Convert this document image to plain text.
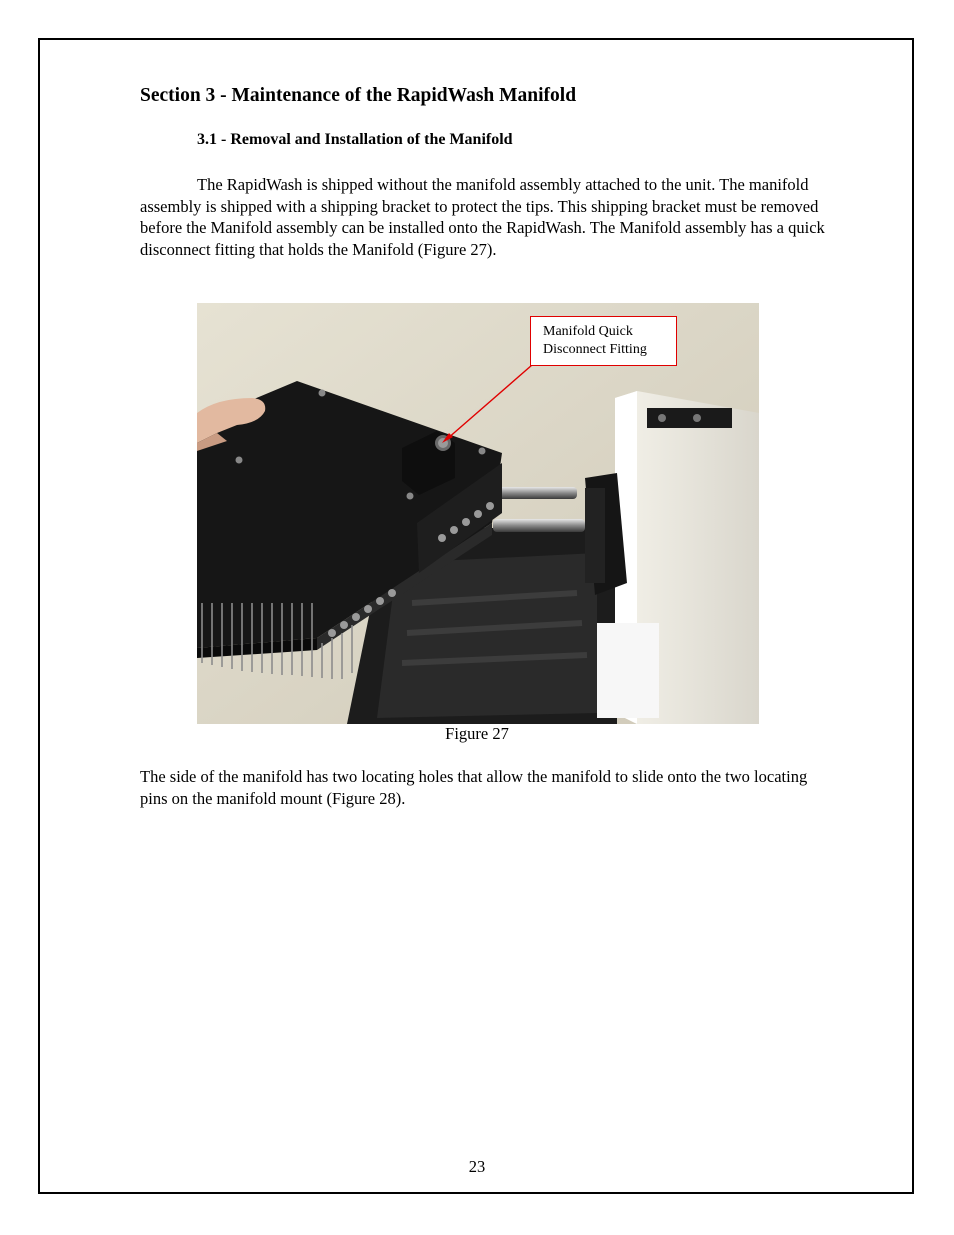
Section 3 - Maintenance of the RapidWash Manifold
3.1 - Removal and Installation of the Manifold

The RapidWash is shipped without the manifold assembly attached to the unit. The manifold assembly is shipped with a shipping bracket to protect the tips. This shipping bracket must be removed before the Manifold assembly can be installed onto the RapidWash. The Manifold assembly has a quick disconnect fitting that holds the Manifold (Figure 27).

Manifold Quick
Disconnect Fitting
Figure 27

The side of the manifold has two locating holes that allow the manifold to slide onto the two locating pins on the manifold mount (Figure 28).

23
